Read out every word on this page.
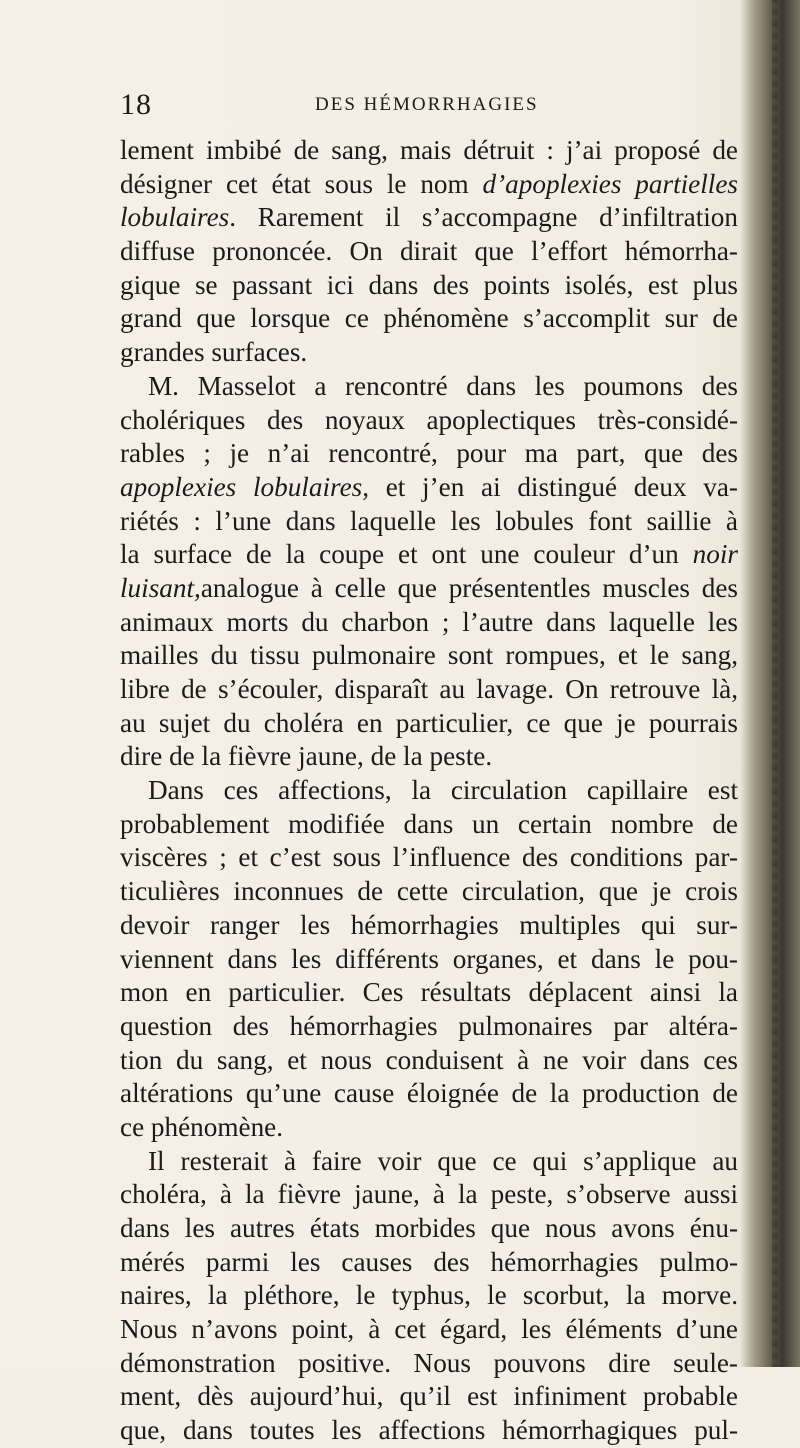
18	DES HÉMORRHAGIES
lement imbibé de sang, mais détruit : j’ai proposé de
désigner cet état sous le nom d’apoplexies partielles
lobulaires. Rarement il s’accompagne d’infiltration
diffuse prononcée. On dirait que l’effort hémorrha-
gique se passant ici dans des points isolés, est plus
grand que lorsque ce phénomène s’accomplit sur de
grandes surfaces.
M. Masselot a rencontré dans les poumons des
cholériques des noyaux apoplectiques très-considé-
rables ; je n’ai rencontré, pour ma part, que des
apoplexies lobulaires, et j’en ai distingué deux va-
riétés : l’une dans laquelle les lobules font saillie à
la surface de la coupe et ont une couleur d’un noir
luisant,analogue à celle que présententles muscles des
animaux morts du charbon ; l’autre dans laquelle les
mailles du tissu pulmonaire sont rompues, et le sang,
libre de s’écouler, disparaît au lavage. On retrouve là,
au sujet du choléra en particulier, ce que je pourrais
dire de la fièvre jaune, de la peste.
Dans ces affections, la circulation capillaire est
probablement modifiée dans un certain nombre de
viscères ; et c’est sous l’influence des conditions par-
ticulières inconnues de cette circulation, que je crois
devoir ranger les hémorrhagies multiples qui sur-
viennent dans les différents organes, et dans le pou-
mon en particulier. Ces résultats déplacent ainsi la
question des hémorrhagies pulmonaires par altéra-
tion du sang, et nous conduisent à ne voir dans ces
altérations qu’une cause éloignée de la production de
ce phénomène.
Il resterait à faire voir que ce qui s’applique au
choléra, à la fièvre jaune, à la peste, s’observe aussi
dans les autres états morbides que nous avons énu-
mérés parmi les causes des hémorrhagies pulmo-
naires, la pléthore, le typhus, le scorbut, la morve.
Nous n’avons point, à cet égard, les éléments d’une
démonstration positive. Nous pouvons dire seule-
ment, dès aujourd’hui, qu’il est infiniment probable
que, dans toutes les affections hémorrhagiques pul-
